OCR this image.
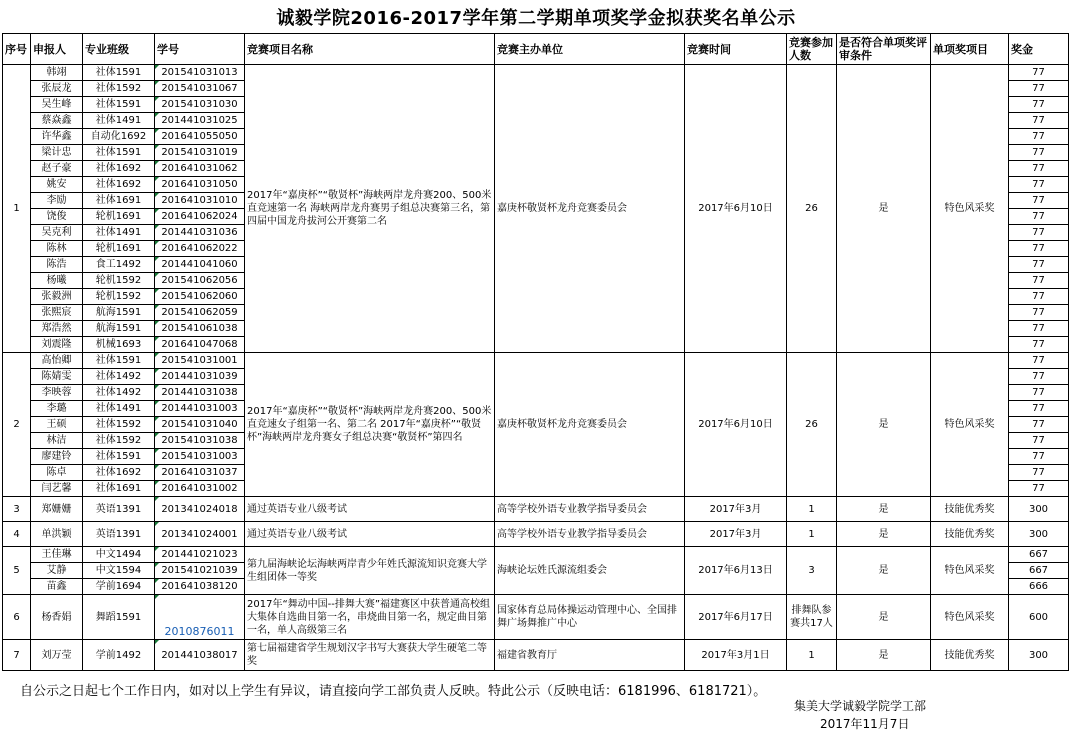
诚毅学院2016-2017学年第二学期单项奖学金拟获奖名单公示
序号	申报人	专业班级	学号	竞赛项目名称	竞赛主办单位	竞赛时间	竞赛参加人数	是否符合单项奖评审条件	单项奖项目	奖金
1	韩翊	社体1591	201541031013	2017年“嘉庚杯”“敬贤杯”海峡两岸龙舟赛200、500米直竞速第一名 海峡两岸龙舟赛男子组总决赛第三名，第四届中国龙舟拔河公开赛第二名	嘉庚杯敬贤杯龙舟竞赛委员会	2017年6月10日	26	是	特色风采奖	77
	张辰龙	社体1592	201541031067							77
	吴生峰	社体1591	201541031030							77
	蔡焱鑫	社体1491	201441031025							77
	许华鑫	自动化1692	201641055050							77
	梁计忠	社体1591	201541031019							77
	赵子豪	社体1692	201641031062							77
	姚安	社体1692	201641031050							77
	李励	社体1691	201641031010							77
	饶俊	轮机1691	201641062024							77
	吴克利	社体1491	201441031036							77
	陈林	轮机1691	201641062022							77
	陈浩	食工1492	201441041060							77
	杨曦	轮机1592	201541062056							77
	张毅洲	轮机1592	201541062060							77
	张熙宸	航海1591	201541062059							77
	郑浩然	航海1591	201541061038							77
	刘震隆	机械1693	201641047068							77
2	高怡卿	社体1591	201541031001	2017年“嘉庚杯”“敬贤杯”海峡两岸龙舟赛200、500米直竞速女子组第一名、第二名 2017年“嘉庚杯”“敬贤杯”海峡两岸龙舟赛女子组总决赛“敬贤杯”第四名	嘉庚杯敬贤杯龙舟竞赛委员会	2017年6月10日	26	是	特色风采奖	77
	陈婧雯	社体1492	201441031039							77
	李映蓉	社体1492	201441031038							77
	李璐	社体1491	201441031003							77
	王硕	社体1592	201541031040							77
	林洁	社体1592	201541031038							77
	廖建铃	社体1591	201541031003							77
	陈卓	社体1692	201641031037							77
	闫艺馨	社体1691	201641031002							77
3	郑姗姗	英语1391	201341024018	通过英语专业八级考试	高等学校外语专业教学指导委员会	2017年3月	1	是	技能优秀奖	300
4	单洪颖	英语1391	201341024001	通过英语专业八级考试	高等学校外语专业教学指导委员会	2017年3月	1	是	技能优秀奖	300
5	王佳琳	中文1494	201441021023	第九届海峡论坛海峡两岸青少年姓氏源流知识竞赛大学生组团体一等奖	海峡论坛姓氏源流组委会	2017年6月13日	3	是	特色风采奖	667
	艾静	中文1594	201541021039							667
	苗鑫	学前1694	201641038120							666
6	杨香娟	舞蹈1591	2010876011	2017年“舞动中国--排舞大赛”福建赛区中获普通高校组大集体自选曲目第一名，串烧曲目第一名，规定曲目第一名，单人高级第三名	国家体育总局体操运动管理中心、全国排舞广场舞推广中心	2017年6月17日	排舞队参赛共17人	是	特色风采奖	600
7	刘万莹	学前1492	201441038017	第七届福建省学生规划汉字书写大赛获大学生硬笔二等奖	福建省教育厅	2017年3月1日	1	是	技能优秀奖	300
自公示之日起七个工作日内，如对以上学生有异议，请直接向学工部负责人反映。特此公示（反映电话：6181996、6181721）。
集美大学诚毅学院学工部
2017年11月7日
